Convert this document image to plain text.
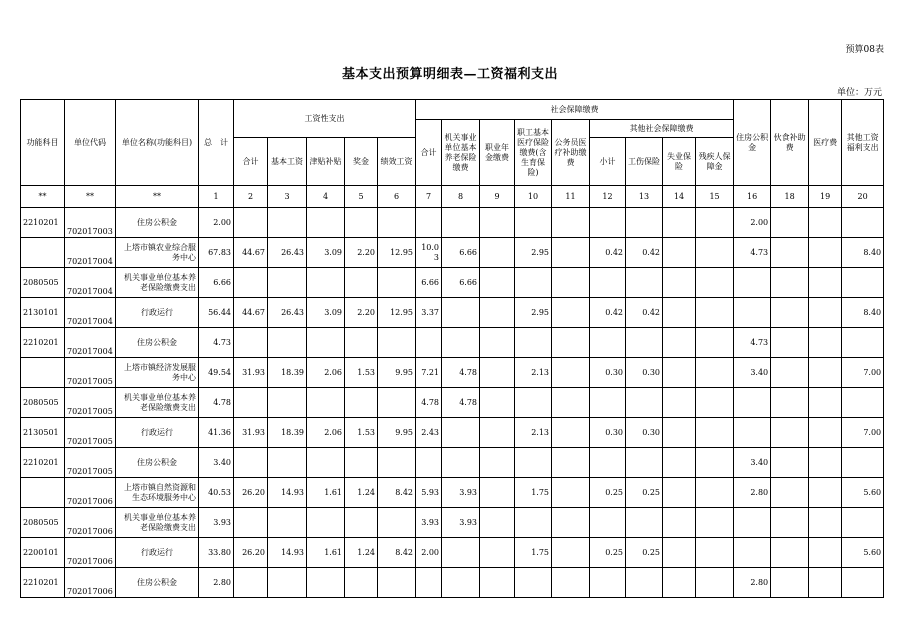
预算08表
基本支出预算明细表—工资福利支出
单位：万元
功能科目	单位代码	单位名称(功能科目)	总　计	工资性支出					社会保障缴费									住房公积金	伙食补助费	医疗费	其他工资福利支出
									合计	机关事业单位基本养老保险缴费	职业年金缴费	职工基本医疗保险缴费(含生育保险)	公务员医疗补助缴费	其他社会保障缴费							
				合计	基本工资	津贴补贴	奖金	绩效工资						小计	工伤保险	失业保险	残疾人保障金				
**	**	**	1	2	3	4	5	6	7	8	9	10	11	12	13	14	15	16	18	19	20
2210201	702017003	住房公积金	2.00															2.00			
	702017004	上塔市镇农业综合服务中心	67.83	44.67	26.43	3.09	2.20	12.95	10.03	6.66		2.95		0.42	0.42			4.73			8.40
2080505	702017004	机关事业单位基本养老保险缴费支出	6.66						6.66	6.66											
2130101	702017004	行政运行	56.44	44.67	26.43	3.09	2.20	12.95	3.37			2.95		0.42	0.42						8.40
2210201	702017004	住房公积金	4.73															4.73			
	702017005	上塔市镇经济发展服务中心	49.54	31.93	18.39	2.06	1.53	9.95	7.21	4.78		2.13		0.30	0.30			3.40			7.00
2080505	702017005	机关事业单位基本养老保险缴费支出	4.78						4.78	4.78											
2130501	702017005	行政运行	41.36	31.93	18.39	2.06	1.53	9.95	2.43			2.13		0.30	0.30						7.00
2210201	702017005	住房公积金	3.40															3.40			
	702017006	上塔市镇自然资源和生态环境服务中心	40.53	26.20	14.93	1.61	1.24	8.42	5.93	3.93		1.75		0.25	0.25			2.80			5.60
2080505	702017006	机关事业单位基本养老保险缴费支出	3.93						3.93	3.93											
2200101	702017006	行政运行	33.80	26.20	14.93	1.61	1.24	8.42	2.00			1.75		0.25	0.25						5.60
2210201	702017006	住房公积金	2.80															2.80			
